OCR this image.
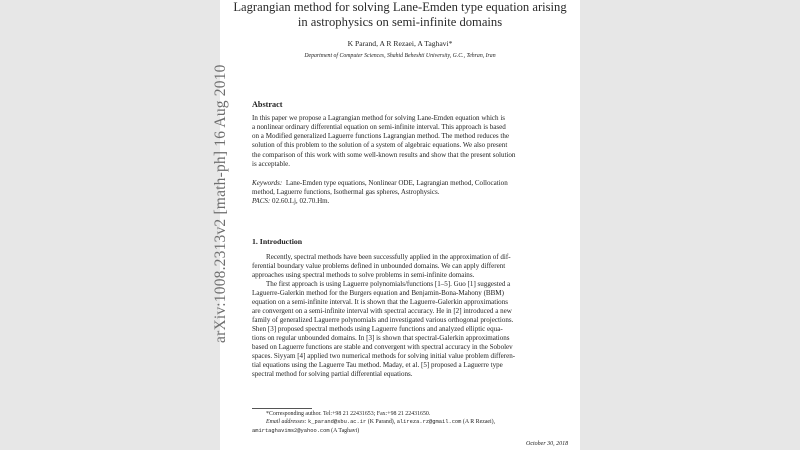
arXiv:1008.2313v2 [math-ph] 16 Aug 2010
Lagrangian method for solving Lane-Emden type equation arising
in astrophysics on semi-infinite domains
K Parand, A R Rezaei, A Taghavi*
Department of Computer Sciences, Shahid Beheshti University, G.C., Tehran, Iran
Abstract
In this paper we propose a Lagrangian method for solving Lane-Emden equation which is
a nonlinear ordinary differential equation on semi-infinite interval. This approach is based
on a Modified generalized Laguerre functions Lagrangian method. The method reduces the
solution of this problem to the solution of a system of algebraic equations. We also present
the comparison of this work with some well-known results and show that the present solution
is acceptable.
Keywords: Lane-Emden type equations, Nonlinear ODE, Lagrangian method, Collocation
method, Laguerre functions, Isothermal gas spheres, Astrophysics.
PACS: 02.60.Lj, 02.70.Hm.
1. Introduction
Recently, spectral methods have been successfully applied in the approximation of dif-
ferential boundary value problems defined in unbounded domains. We can apply different
approaches using spectral methods to solve problems in semi-infinite domains.
The first approach is using Laguerre polynomials/functions [1–5]. Guo [1] suggested a
Laguerre-Galerkin method for the Burgers equation and Benjamin-Bona-Mahony (BBM)
equation on a semi-infinite interval. It is shown that the Laguerre-Galerkin approximations
are convergent on a semi-infinite interval with spectral accuracy. He in [2] introduced a new
family of generalized Laguerre polynomials and investigated various orthogonal projections.
Shen [3] proposed spectral methods using Laguerre functions and analyzed elliptic equa-
tions on regular unbounded domains. In [3] is shown that spectral-Galerkin approximations
based on Laguerre functions are stable and convergent with spectral accuracy in the Sobolev
spaces. Siyyam [4] applied two numerical methods for solving initial value problem differen-
tial equations using the Laguerre Tau method. Maday, et al. [5] proposed a Laguerre type
spectral method for solving partial differential equations.
*Corresponding author. Tel:+98 21 22431653; Fax:+98 21 22431650.
Email addresses: k_parand@sbu.ac.ir (K Parand), alireza.rz@gmail.com (A R Rezaei),
amirtaghavims2@yahoo.com (A Taghavi)
October 30, 2018
